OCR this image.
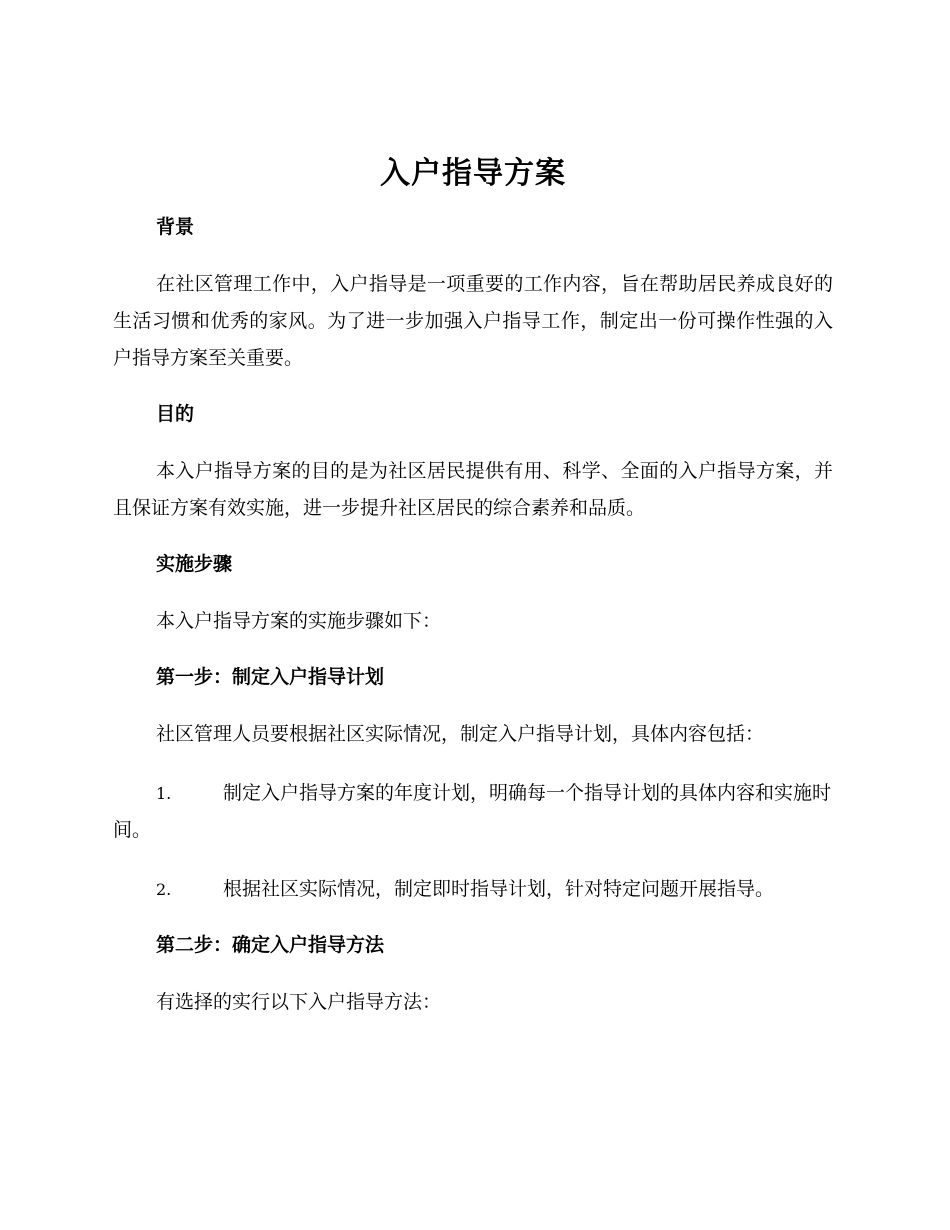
入户指导方案
背景

在社区管理工作中，入户指导是一项重要的工作内容，旨在帮助居民养成良好的生活习惯和优秀的家风。为了进一步加强入户指导工作，制定出一份可操作性强的入户指导方案至关重要。

目的

本入户指导方案的目的是为社区居民提供有用、科学、全面的入户指导方案，并且保证方案有效实施，进一步提升社区居民的综合素养和品质。

实施步骤

本入户指导方案的实施步骤如下：

第一步：制定入户指导计划

社区管理人员要根据社区实际情况，制定入户指导计划，具体内容包括：

1.	制定入户指导方案的年度计划，明确每一个指导计划的具体内容和实施时间。

2.	根据社区实际情况，制定即时指导计划，针对特定问题开展指导。

第二步：确定入户指导方法

有选择的实行以下入户指导方法：
